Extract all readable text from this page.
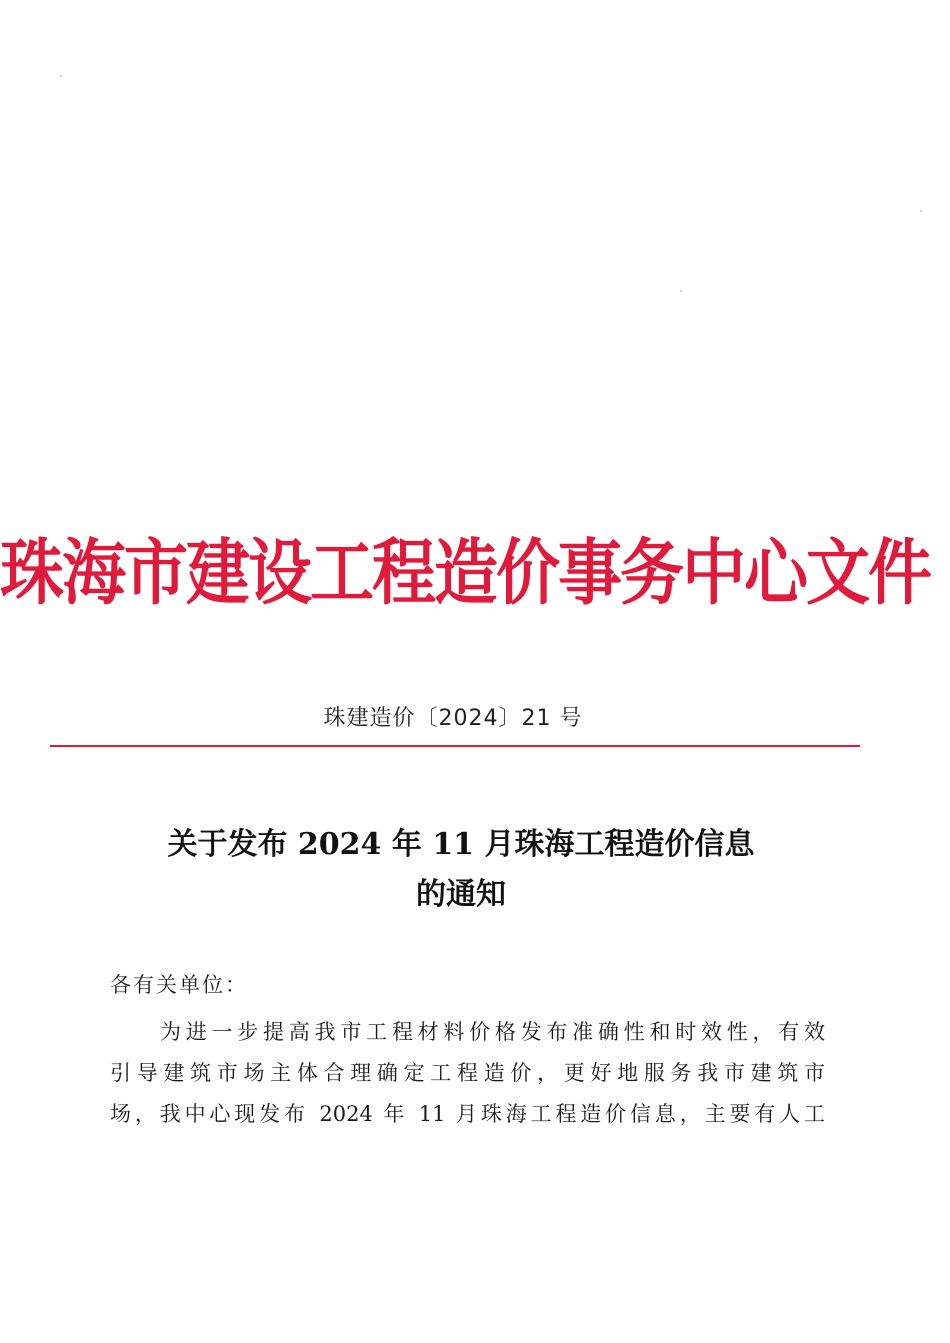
珠海市建设工程造价事务中心文件
珠建造价〔2024〕21 号
关于发布 2024 年 11 月珠海工程造价信息
的通知
各有关单位：
为进一步提高我市工程材料价格发布准确性和时效性，有效
引导建筑市场主体合理确定工程造价，更好地服务我市建筑市
场，我中心现发布 2024 年 11 月珠海工程造价信息，主要有人工
